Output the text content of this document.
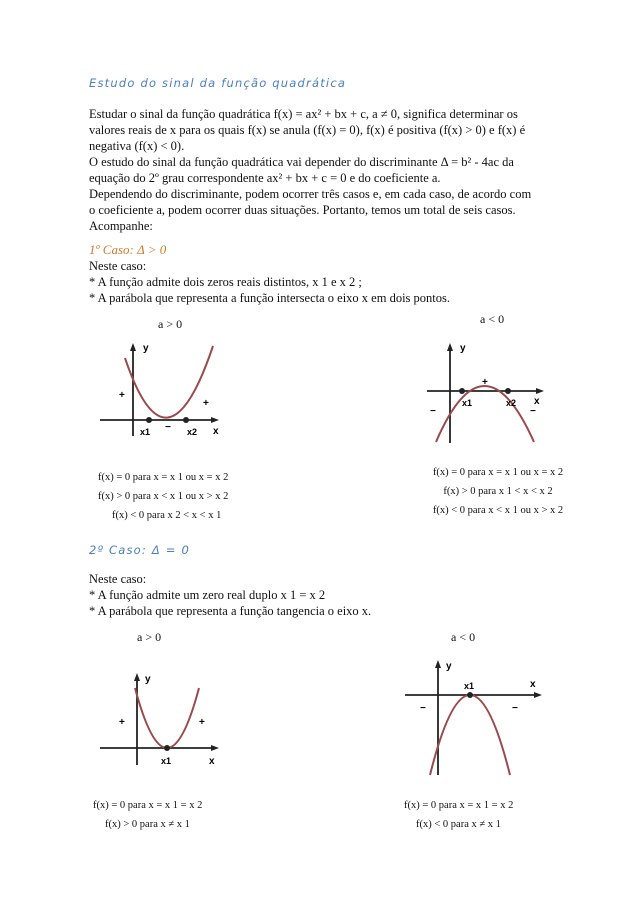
Estudo do sinal da função quadrática
Estudar o sinal da função quadrática f(x) = ax² + bx + c, a ≠ 0, significa determinar os
valores reais de x para os quais f(x) se anula (f(x) = 0), f(x) é positiva (f(x) > 0) e f(x) é
negativa (f(x) < 0).
O estudo do sinal da função quadrática vai depender do discriminante Δ = b² - 4ac da
equação do 2º grau correspondente ax² + bx + c = 0 e do coeficiente a.
Dependendo do discriminante, podem ocorrer três casos e, em cada caso, de acordo com
o coeficiente a, podem ocorrer duas situações. Portanto, temos um total de seis casos.
Acompanhe:
1º Caso: Δ > 0
Neste caso:
* A função admite dois zeros reais distintos, x 1 e x 2 ;
* A parábola que representa a função intersecta o eixo x em dois pontos.
a > 0	a < 0
y
x
x1	x2
+
+
−
y
x
x1	x2
+
−	−
f(x) = 0 para x = x 1 ou x = x 2
f(x) > 0 para x < x 1 ou x > x 2
f(x) < 0 para x 2 < x < x 1
f(x) = 0 para x = x 1 ou x = x 2
f(x) > 0 para x 1 < x < x 2
f(x) < 0 para x < x 1 ou x > x 2
2º Caso: Δ = 0
Neste caso:
* A função admite um zero real duplo x 1 = x 2
* A parábola que representa a função tangencia o eixo x.
a > 0	a < 0
y
x
x1
+	+
y
x
x1
−	−
f(x) = 0 para x = x 1 = x 2
f(x) > 0 para x ≠ x 1
f(x) = 0 para x = x 1 = x 2
f(x) < 0 para x ≠ x 1
